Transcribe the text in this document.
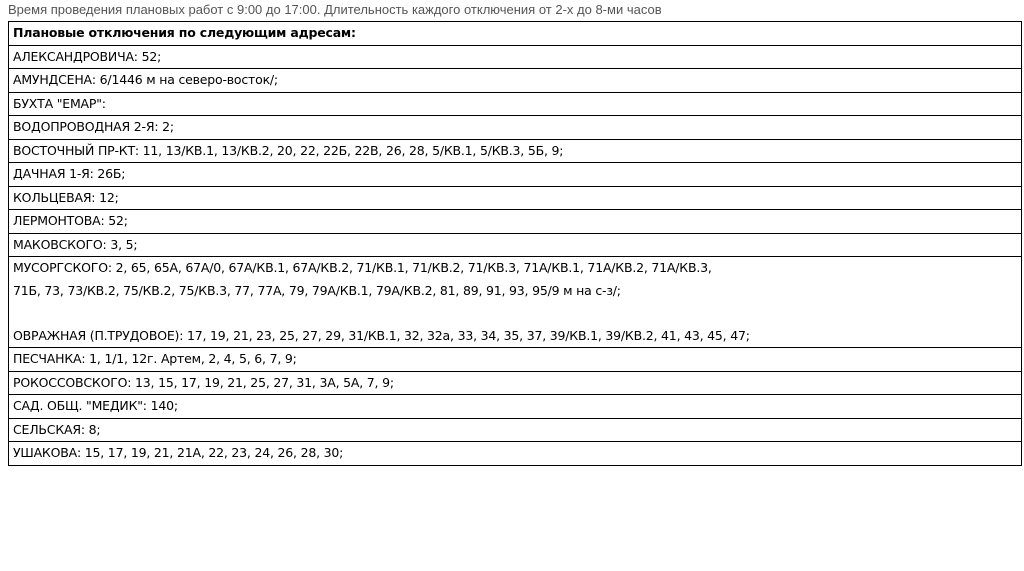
Время проведения плановых работ с 9:00 до 17:00. Длительность каждого отключения от 2-х до 8-ми часов
Плановые отключения по следующим адресам:
АЛЕКСАНДРОВИЧА: 52;
АМУНДСЕНА: 6/1446 м на северо-восток/;
БУХТА "ЕМАР":
ВОДОПРОВОДНАЯ 2-Я: 2;
ВОСТОЧНЫЙ ПР-КТ: 11, 13/КВ.1, 13/КВ.2, 20, 22, 22Б, 22В, 26, 28, 5/КВ.1, 5/КВ.3, 5Б, 9;
ДАЧНАЯ 1-Я: 26Б;
КОЛЬЦЕВАЯ: 12;
ЛЕРМОНТОВА: 52;
МАКОВСКОГО: 3, 5;
МУСОРГСКОГО: 2, 65, 65А, 67А/0, 67А/КВ.1, 67А/КВ.2, 71/КВ.1, 71/КВ.2, 71/КВ.3, 71А/КВ.1, 71А/КВ.2, 71А/КВ.3,
71Б, 73, 73/КВ.2, 75/КВ.2, 75/КВ.3, 77, 77А, 79, 79А/КВ.1, 79А/КВ.2, 81, 89, 91, 93, 95/9 м на с-з/;
ОВРАЖНАЯ (П.ТРУДОВОЕ): 17, 19, 21, 23, 25, 27, 29, 31/КВ.1, 32, 32а, 33, 34, 35, 37, 39/КВ.1, 39/КВ.2, 41, 43, 45, 47;
ПЕСЧАНКА: 1, 1/1, 12г. Артем, 2, 4, 5, 6, 7, 9;
РОКОССОВСКОГО: 13, 15, 17, 19, 21, 25, 27, 31, 3А, 5А, 7, 9;
САД. ОБЩ. "МЕДИК": 140;
СЕЛЬСКАЯ: 8;
УШАКОВА: 15, 17, 19, 21, 21А, 22, 23, 24, 26, 28, 30;
